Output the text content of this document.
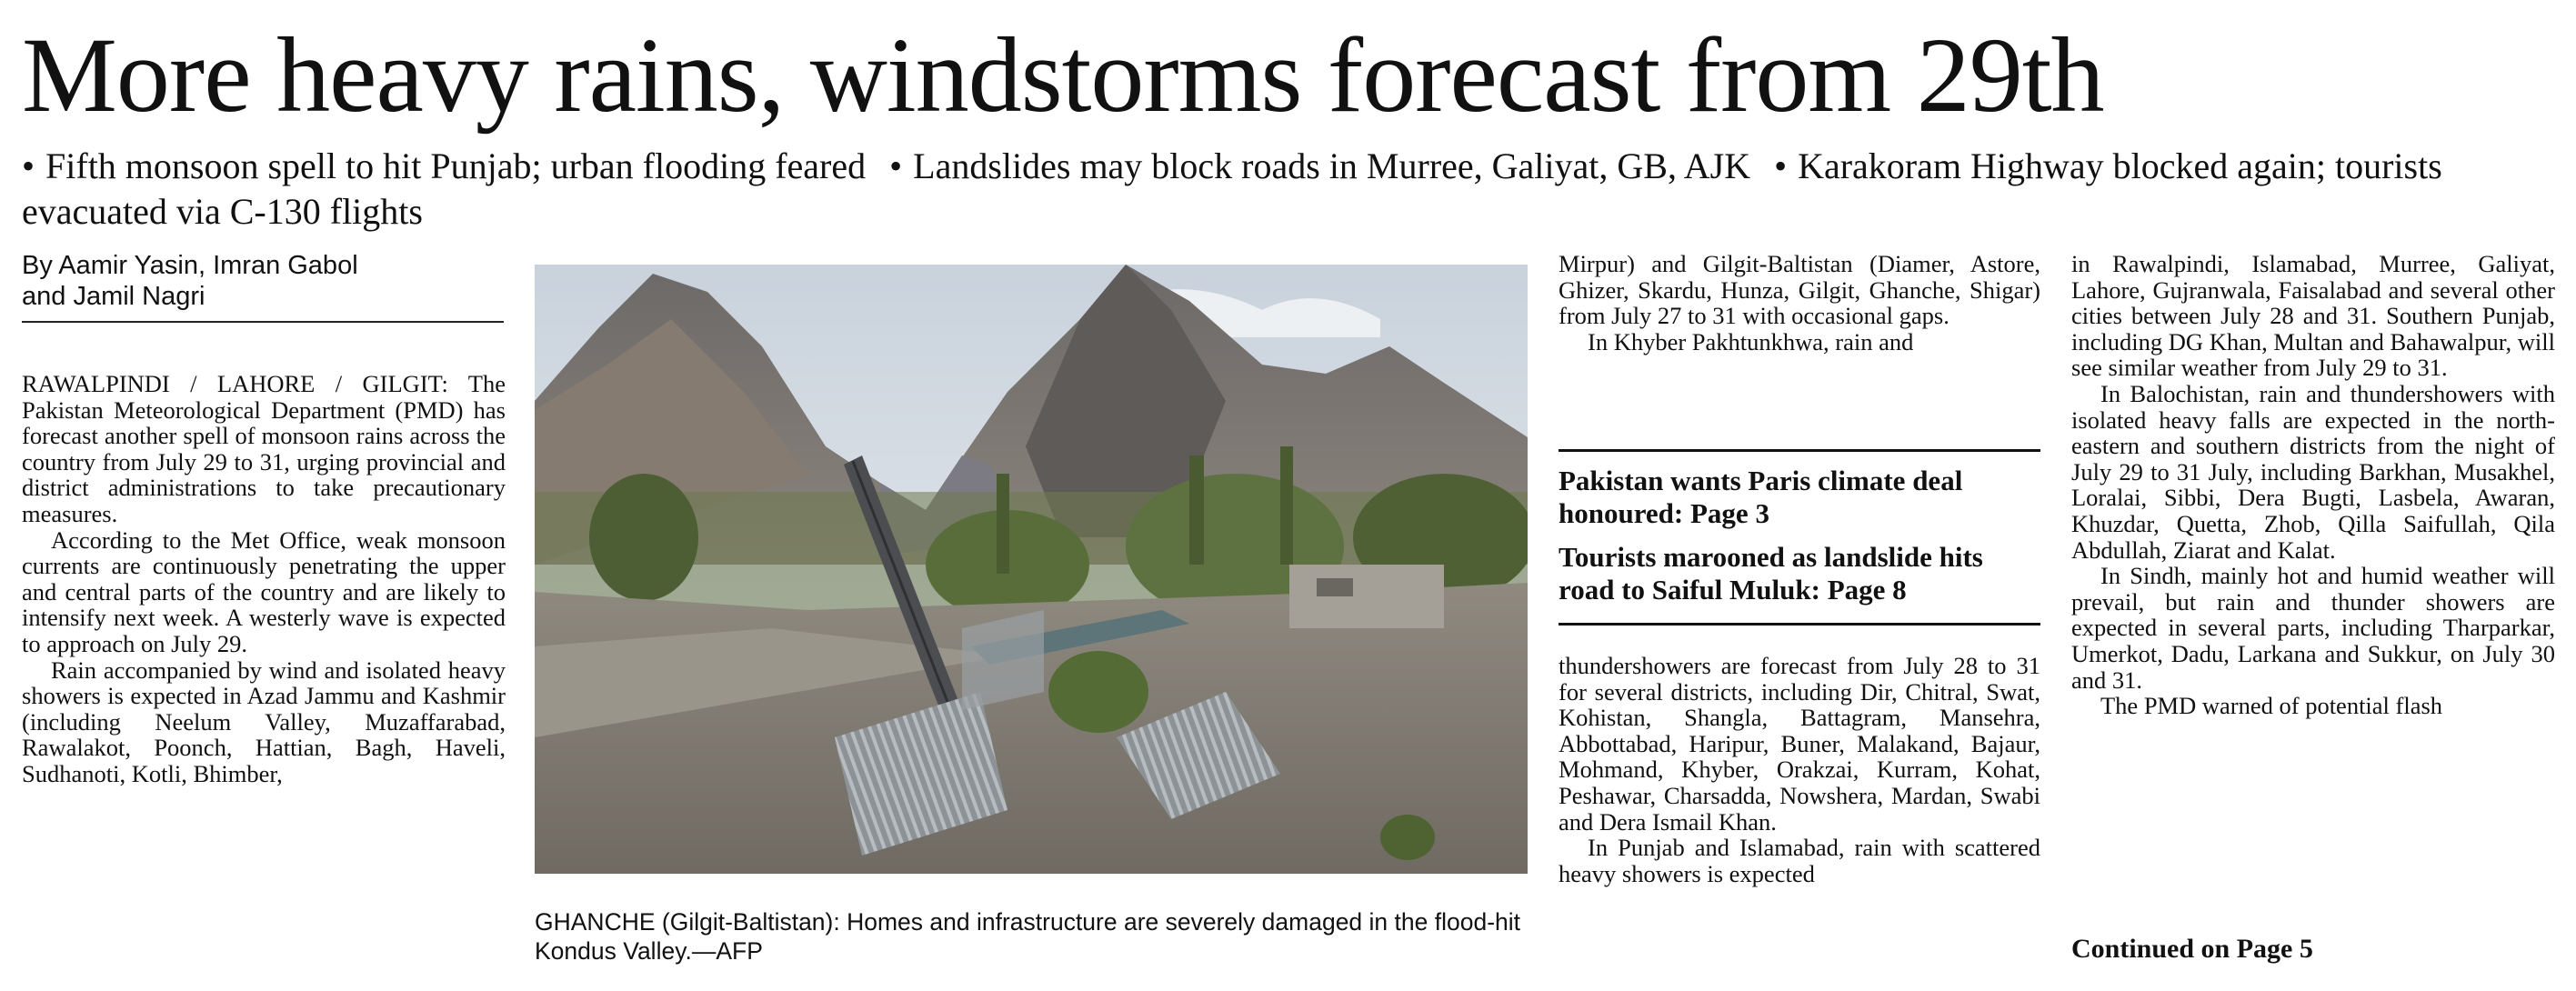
More heavy rains, windstorms forecast from 29th

• Fifth monsoon spell to hit Punjab; urban flooding feared • Landslides may block roads in Murree, Galiyat, GB, AJK • Karakoram Highway blocked again; tourists evacuated via C-130 flights

By Aamir Yasin, Imran Gabol
and Jamil Nagri

RAWALPINDI / LAHORE / GILGIT: The Pakistan Meteorological Department (PMD) has forecast another spell of monsoon rains across the country from July 29 to 31, urging provincial and district administrations to take precautionary measures.

According to the Met Office, weak monsoon currents are continuously penetrating the upper and central parts of the country and are likely to intensify next week. A westerly wave is expected to approach on July 29.

Rain accompanied by wind and isolated heavy showers is expected in Azad Jammu and Kashmir (including Neelum Valley, Muzaffarabad, Rawalakot, Poonch, Hattian, Bagh, Haveli, Sudhanoti, Kotli, Bhimber,

GHANCHE (Gilgit-Baltistan): Homes and infrastructure are severely damaged in the flood-hit Kondus Valley.—AFP

Mirpur) and Gilgit-Baltistan (Diamer, Astore, Ghizer, Skardu, Hunza, Gilgit, Ghanche, Shigar) from July 27 to 31 with occasional gaps.

In Khyber Pakhtunkhwa, rain and

Pakistan wants Paris climate deal honoured: Page 3

Tourists marooned as landslide hits road to Saiful Muluk: Page 8

thundershowers are forecast from July 28 to 31 for several districts, including Dir, Chitral, Swat, Kohistan, Shangla, Battagram, Mansehra, Abbottabad, Haripur, Buner, Malakand, Bajaur, Mohmand, Khyber, Orakzai, Kurram, Kohat, Peshawar, Charsadda, Nowshera, Mardan, Swabi and Dera Ismail Khan.

In Punjab and Islamabad, rain with scattered heavy showers is expected

in Rawalpindi, Islamabad, Murree, Galiyat, Lahore, Gujranwala, Faisalabad and several other cities between July 28 and 31. Southern Punjab, including DG Khan, Multan and Bahawalpur, will see similar weather from July 29 to 31.

In Balochistan, rain and thundershowers with isolated heavy falls are expected in the north-eastern and southern districts from the night of July 29 to 31 July, including Barkhan, Musakhel, Loralai, Sibbi, Dera Bugti, Lasbela, Awaran, Khuzdar, Quetta, Zhob, Qilla Saifullah, Qila Abdullah, Ziarat and Kalat.

In Sindh, mainly hot and humid weather will prevail, but rain and thunder showers are expected in several parts, including Tharparkar, Umerkot, Dadu, Larkana and Sukkur, on July 30 and 31.

The PMD warned of potential flash

Continued on Page 5
